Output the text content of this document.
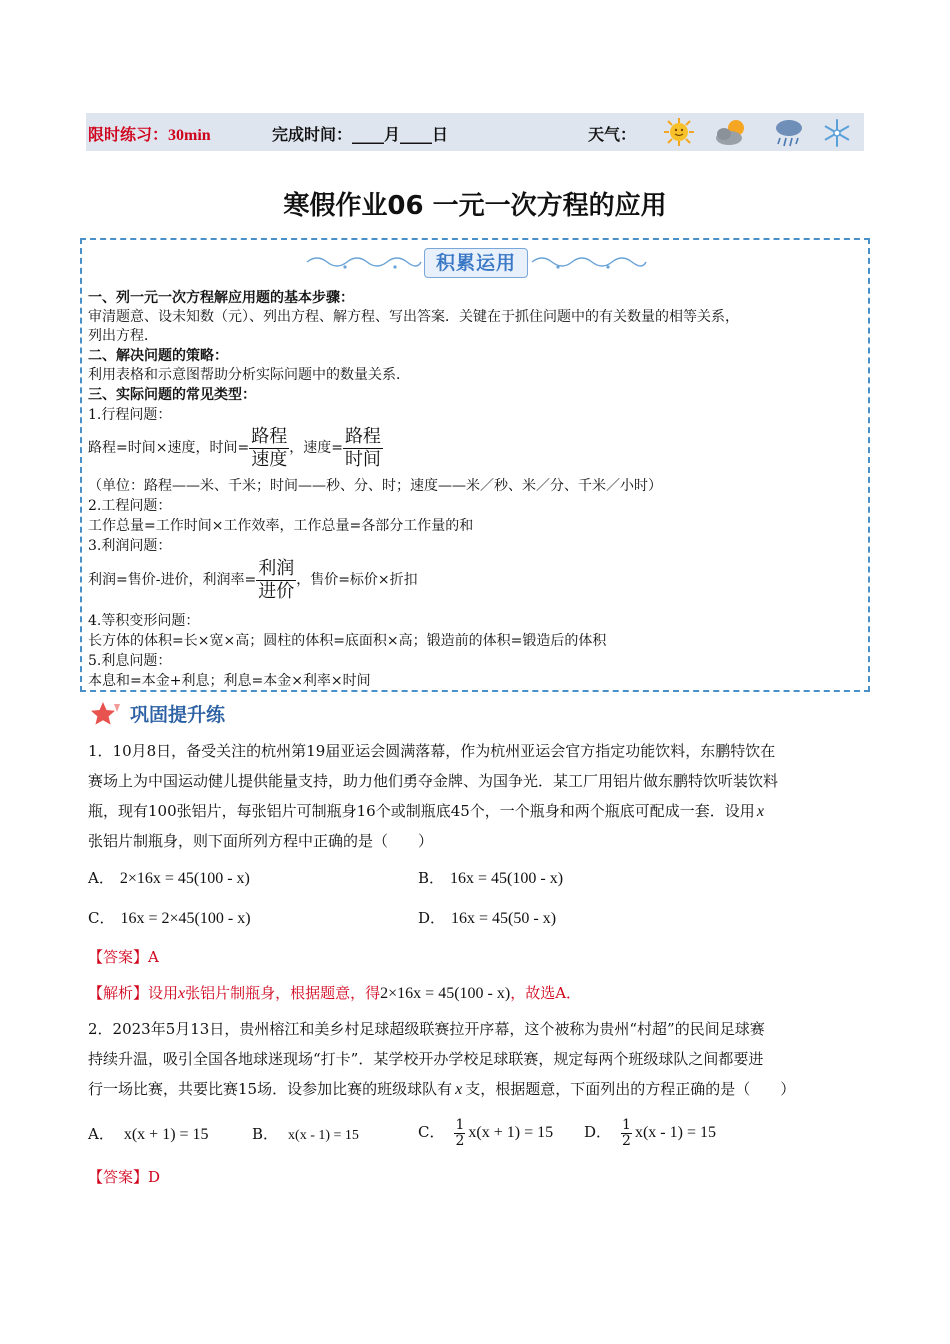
限时练习：30min	完成时间：____月____日	天气：
寒假作业06 一元一次方程的应用
积累运用
一、列一元一次方程解应用题的基本步骤：
审清题意、设未知数（元）、列出方程、解方程、写出答案．关键在于抓住问题中的有关数量的相等关系，
列出方程．
二、解决问题的策略：
利用表格和示意图帮助分析实际问题中的数量关系．
三、实际问题的常见类型：
1.行程问题：
路程=时间×速度，时间= $\frac{\text{路程}}{\text{速度}}$ ，速度= $\frac{\text{路程}}{\text{时间}}$
（单位：路程——米、千米；时间——秒、分、时；速度——米／秒、米／分、千米／小时）
2.工程问题：
工作总量=工作时间×工作效率，工作总量=各部分工作量的和
3.利润问题：
利润=售价-进价，利润率= $\frac{\text{利润}}{\text{进价}}$ ，售价=标价×折扣
4.等积变形问题：
长方体的体积=长×宽×高；圆柱的体积=底面积×高；锻造前的体积=锻造后的体积
5.利息问题：
本息和=本金+利息；利息=本金×利率×时间
巩固提升练
1．10月8日，备受关注的杭州第19届亚运会圆满落幕，作为杭州亚运会官方指定功能饮料，东鹏特饮在
赛场上为中国运动健儿提供能量支持，助力他们勇夺金牌、为国争光．某工厂用铝片做东鹏特饮听装饮料
瓶，现有100张铝片，每张铝片可制瓶身16个或制瓶底45个，一个瓶身和两个瓶底可配成一套．设用 x
张铝片制瓶身，则下面所列方程中正确的是（　　）
A． 2×16x = 45(100 - x)	B． 16x = 45(100 - x)
C． 16x = 2×45(100 - x)	D． 16x = 45(50 - x)
【答案】A
【解析】设用x张铝片制瓶身，根据题意，得2×16x = 45(100 - x)，故选A．
2．2023年5月13日，贵州榕江和美乡村足球超级联赛拉开序幕，这个被称为贵州“村超”的民间足球赛
持续升温，吸引全国各地球迷现场“打卡”．某学校开办学校足球联赛，规定每两个班级球队之间都要进
行一场比赛，共要比赛15场．设参加比赛的班级球队有 x 支，根据题意，下面列出的方程正确的是（　　）
A． x(x + 1) = 15	B． x(x - 1) = 15	C． $\frac{1}{2} x(x + 1) = 15$ D． $\frac{1}{2} x(x - 1) = 15$
【答案】D
